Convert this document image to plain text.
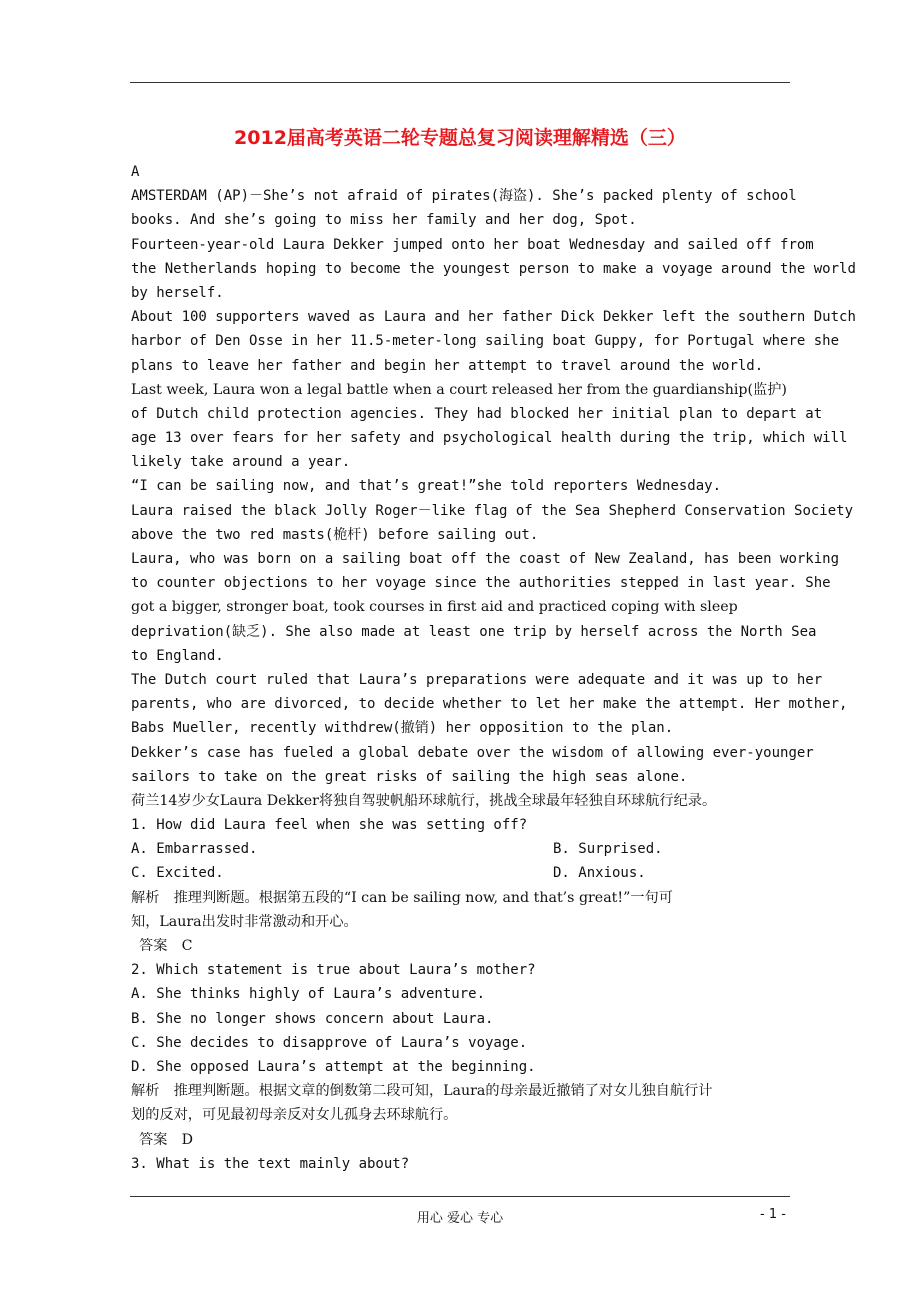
2012届高考英语二轮专题总复习阅读理解精选（三）
A
AMSTERDAM (AP)－She’s not afraid of pirates(海盗). She’s packed plenty of school
books. And she’s going to miss her family and her dog, Spot.
Fourteen-year-old Laura Dekker jumped onto her boat Wednesday and sailed off from
the Netherlands hoping to become the youngest person to make a voyage around the world
by herself.
About 100 supporters waved as Laura and her father Dick Dekker left the southern Dutch
harbor of Den Osse in her 11.5-meter-long sailing boat Guppy, for Portugal where she
plans to leave her father and begin her attempt to travel around the world.
Last week, Laura won a legal battle when a court released her from the guardianship(监护)
of Dutch child protection agencies. They had blocked her initial plan to depart at
age 13 over fears for her safety and psychological health during the trip, which will
likely take around a year.
“I can be sailing now, and that’s great!”she told reporters Wednesday.
Laura raised the black Jolly Roger－like flag of the Sea Shepherd Conservation Society
above the two red masts(桅杆) before sailing out.
Laura, who was born on a sailing boat off the coast of New Zealand, has been working
to counter objections to her voyage since the authorities stepped in last year. She
got a bigger, stronger boat, took courses in first aid and practiced coping with sleep
deprivation(缺乏). She also made at least one trip by herself across the North Sea
to England.
The Dutch court ruled that Laura’s preparations were adequate and it was up to her
parents, who are divorced, to decide whether to let her make the attempt. Her mother,
Babs Mueller, recently withdrew(撤销) her opposition to the plan.
Dekker’s case has fueled a global debate over the wisdom of allowing ever-younger
sailors to take on the great risks of sailing the high seas alone.
荷兰14岁少女Laura Dekker将独自驾驶帆船环球航行，挑战全球最年轻独自环球航行纪录。
1. How did Laura feel when she was setting off?
A. Embarrassed.	B. Surprised.
C. Excited.	D. Anxious.
解析　推理判断题。根据第五段的“I can be sailing now, and that’s great!”一句可
知，Laura出发时非常激动和开心。
答案　C
2. Which statement is true about Laura’s mother?
A. She thinks highly of Laura’s adventure.
B. She no longer shows concern about Laura.
C. She decides to disapprove of Laura’s voyage.
D. She opposed Laura’s attempt at the beginning.
解析　推理判断题。根据文章的倒数第二段可知，Laura的母亲最近撤销了对女儿独自航行计
划的反对，可见最初母亲反对女儿孤身去环球航行。
答案　D
3. What is the text mainly about?
用心 爱心 专心	- 1 -
